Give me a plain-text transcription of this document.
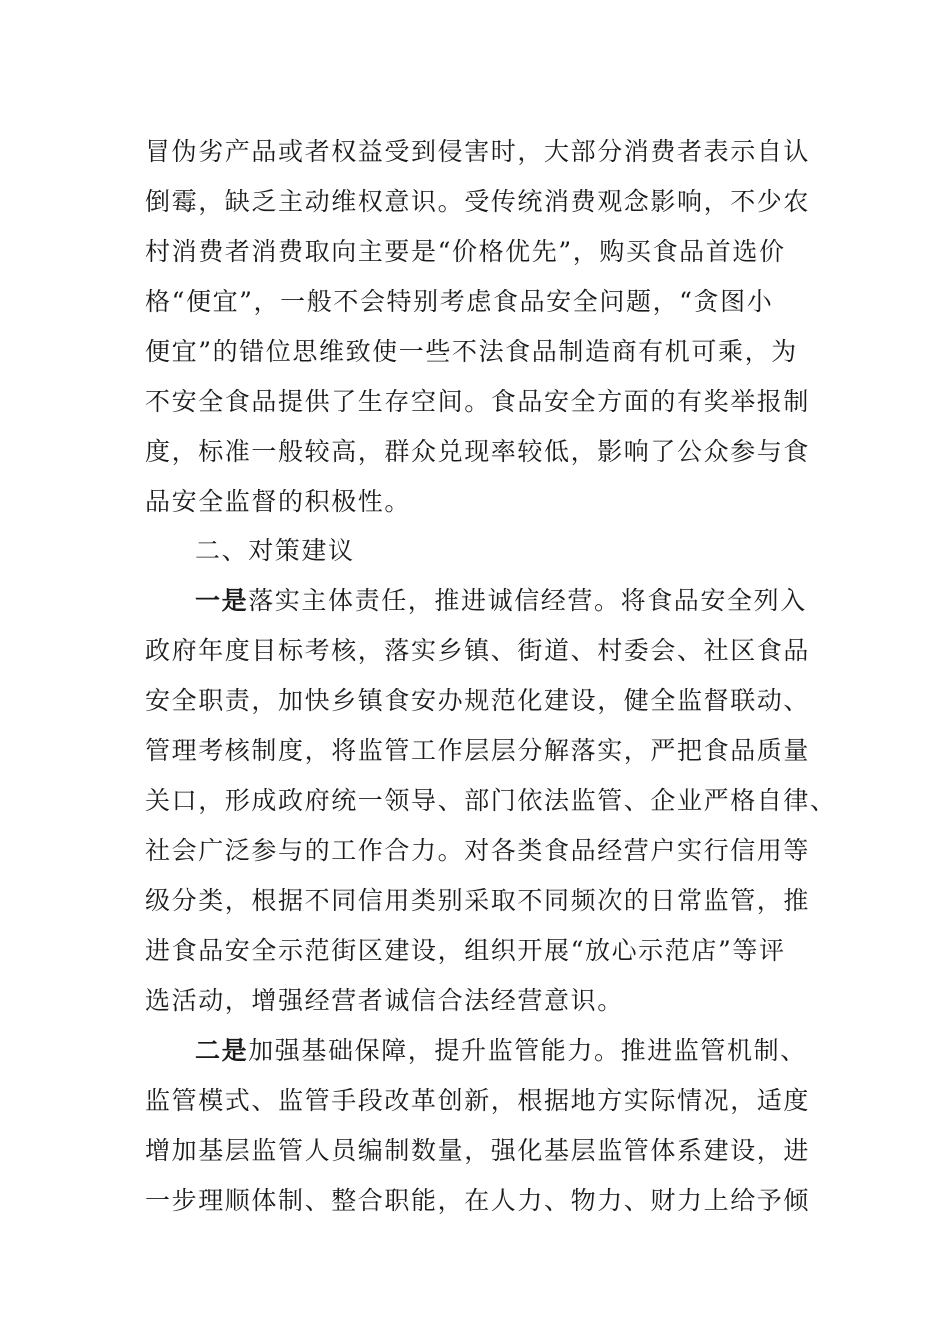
冒伪劣产品或者权益受到侵害时，大部分消费者表示自认
倒霉，缺乏主动维权意识。受传统消费观念影响，不少农
村消费者消费取向主要是“价格优先”，购买食品首选价
格“便宜”，一般不会特别考虑食品安全问题，“贪图小
便宜”的错位思维致使一些不法食品制造商有机可乘，为
不安全食品提供了生存空间。食品安全方面的有奖举报制
度，标准一般较高，群众兑现率较低，影响了公众参与食
品安全监督的积极性。
二、对策建议
一是落实主体责任，推进诚信经营。将食品安全列入
政府年度目标考核，落实乡镇、街道、村委会、社区食品
安全职责，加快乡镇食安办规范化建设，健全监督联动、
管理考核制度，将监管工作层层分解落实，严把食品质量
关口，形成政府统一领导、部门依法监管、企业严格自律、
社会广泛参与的工作合力。对各类食品经营户实行信用等
级分类，根据不同信用类别采取不同频次的日常监管，推
进食品安全示范街区建设，组织开展“放心示范店”等评
选活动，增强经营者诚信合法经营意识。
二是加强基础保障，提升监管能力。推进监管机制、
监管模式、监管手段改革创新，根据地方实际情况，适度
增加基层监管人员编制数量，强化基层监管体系建设，进
一步理顺体制、整合职能，在人力、物力、财力上给予倾
